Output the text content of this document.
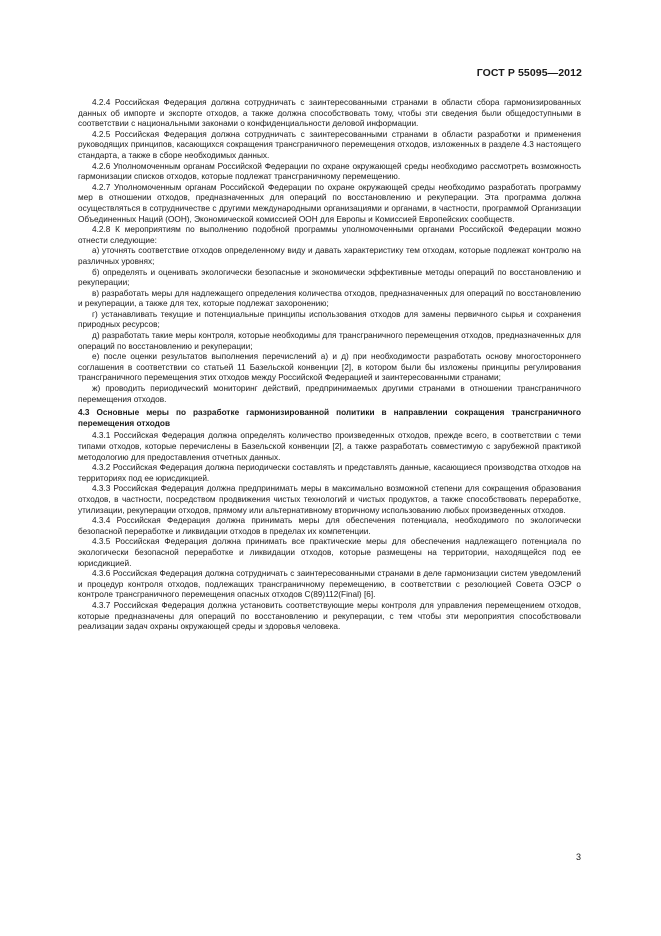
ГОСТ Р 55095—2012

4.2.4 Российская Федерация должна сотрудничать с заинтересованными странами в области сбора гармонизированных данных об импорте и экспорте отходов, а также должна способствовать тому, чтобы эти сведения были общедоступными в соответствии с национальными законами о конфиденциальности деловой информации.

4.2.5 Российская Федерация должна сотрудничать с заинтересованными странами в области разработки и применения руководящих принципов, касающихся сокращения трансграничного перемещения отходов, изложенных в разделе 4.3 настоящего стандарта, а также в сборе необходимых данных.

4.2.6 Уполномоченным органам Российской Федерации по охране окружающей среды необходимо рассмотреть возможность гармонизации списков отходов, которые подлежат трансграничному перемещению.

4.2.7 Уполномоченным органам Российской Федерации по охране окружающей среды необходимо разработать программу мер в отношении отходов, предназначенных для операций по восстановлению и рекуперации. Эта программа должна осуществляться в сотрудничестве с другими международными организациями и органами, в частности, программой Организации Объединенных Наций (ООН), Экономической комиссией ООН для Европы и Комиссией Европейских сообществ.

4.2.8 К мероприятиям по выполнению подобной программы уполномоченными органами Российской Федерации можно отнести следующие:

а) уточнять соответствие отходов определенному виду и давать характеристику тем отходам, которые подлежат контролю на различных уровнях;

б) определять и оценивать экологически безопасные и экономически эффективные методы операций по восстановлению и рекуперации;

в) разработать меры для надлежащего определения количества отходов, предназначенных для операций по восстановлению и рекуперации, а также для тех, которые подлежат захоронению;

г) устанавливать текущие и потенциальные принципы использования отходов для замены первичного сырья и сохранения природных ресурсов;

д) разработать такие меры контроля, которые необходимы для трансграничного перемещения отходов, предназначенных для операций по восстановлению и рекуперации;

е) после оценки результатов выполнения перечислений а) и д) при необходимости разработать основу многостороннего соглашения в соответствии со статьей 11 Базельской конвенции [2], в котором были бы изложены принципы регулирования трансграничного перемещения этих отходов между Российской Федерацией и заинтересованными странами;

ж) проводить периодический мониторинг действий, предпринимаемых другими странами в отношении трансграничного перемещения отходов.

4.3 Основные меры по разработке гармонизированной политики в направлении сокращения трансграничного перемещения отходов

4.3.1 Российская Федерация должна определять количество произведенных отходов, прежде всего, в соответствии с теми типами отходов, которые перечислены в Базельской конвенции [2], а также разработать совместимую с зарубежной практикой методологию для предоставления отчетных данных.

4.3.2 Российская Федерация должна периодически составлять и представлять данные, касающиеся производства отходов на территориях под ее юрисдикцией.

4.3.3 Российская Федерация должна предпринимать меры в максимально возможной степени для сокращения образования отходов, в частности, посредством продвижения чистых технологий и чистых продуктов, а также способствовать переработке, утилизации, рекуперации отходов, прямому или альтернативному вторичному использованию любых произведенных отходов.

4.3.4 Российская Федерация должна принимать меры для обеспечения потенциала, необходимого по экологически безопасной переработке и ликвидации отходов в пределах их компетенции.

4.3.5 Российская Федерация должна принимать все практические меры для обеспечения надлежащего потенциала по экологически безопасной переработке и ликвидации отходов, которые размещены на территории, находящейся под ее юрисдикцией.

4.3.6 Российская Федерация должна сотрудничать с заинтересованными странами в деле гармонизации систем уведомлений и процедур контроля отходов, подлежащих трансграничному перемещению, в соответствии с резолюцией Совета ОЭСР о контроле трансграничного перемещения опасных отходов С(89)112(Final) [6].

4.3.7 Российская Федерация должна установить соответствующие меры контроля для управления перемещением отходов, которые предназначены для операций по восстановлению и рекуперации, с тем чтобы эти мероприятия способствовали реализации задач охраны окружающей среды и здоровья человека.

3
